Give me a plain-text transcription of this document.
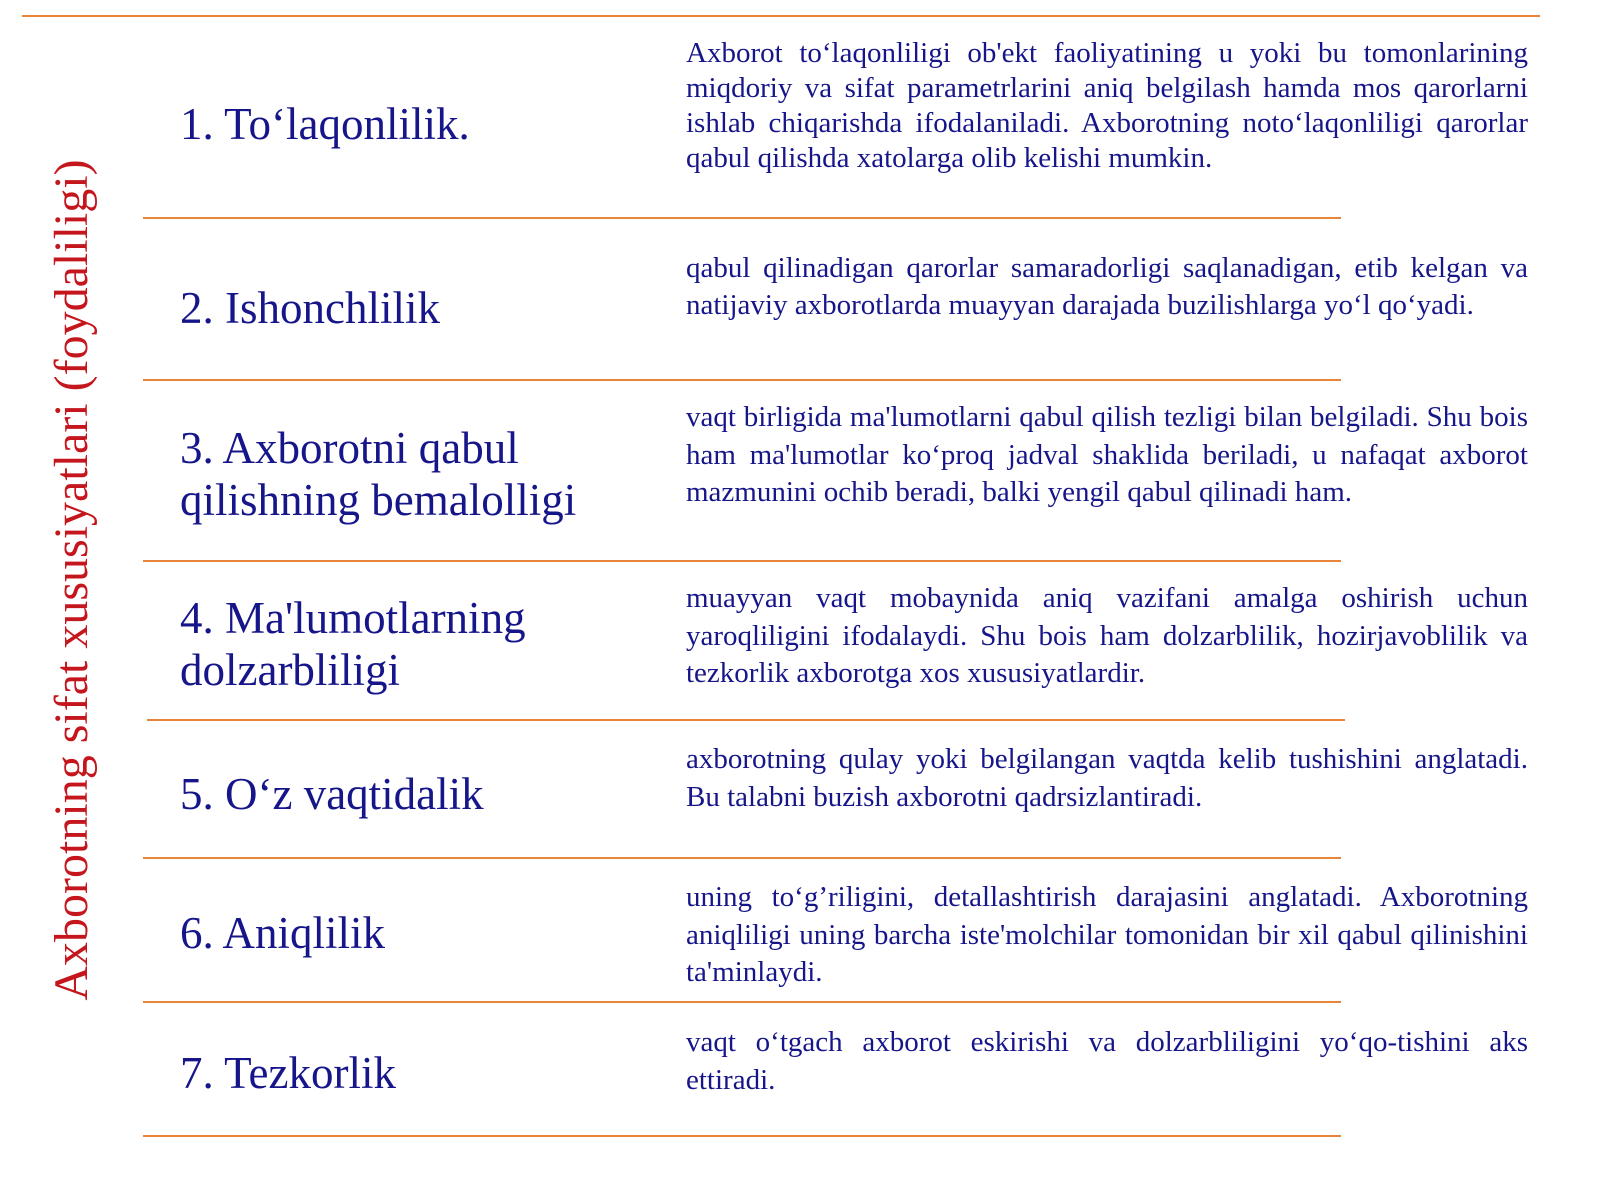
Axborotning sifat xususiyatlari (foydaliligi)
1. To‘laqonlilik.

Axborot to‘laqonliligi ob'ekt faoliyatining u yoki bu tomonlarining miqdoriy va sifat parametrlarini aniq belgilash hamda mos qarorlarni ishlab chiqarishda ifodalaniladi. Axborotning noto‘laqonliligi qarorlar qabul qilishda xatolarga olib kelishi mumkin.

2. Ishonchlilik

qabul qilinadigan qarorlar samaradorligi saqlanadigan, etib kelgan va natijaviy axborotlarda muayyan darajada buzilishlarga yo‘l qo‘yadi.

3. Axborotni qabul qilishning bemalolligi

vaqt birligida ma'lumotlarni qabul qilish tezligi bilan belgiladi. Shu bois ham ma'lumotlar ko‘proq jadval shaklida beriladi, u nafaqat axborot mazmunini ochib beradi, balki yengil qabul qilinadi ham.

4. Ma'lumotlarning dolzarbliligi

muayyan vaqt mobaynida aniq vazifani amalga oshirish uchun yaroqliligini ifodalaydi. Shu bois ham dolzarblilik, hozirjavoblilik va tezkorlik axborotga xos xususiyatlardir.

5. O‘z vaqtidalik

axborotning qulay yoki belgilangan vaqtda kelib tushishini anglatadi. Bu talabni buzish axborotni qadrsizlantiradi.

6. Aniqlilik

uning to‘g’riligini, detallashtirish darajasini anglatadi. Axborotning aniqliligi uning barcha iste'molchilar tomonidan bir xil qabul qilinishini ta'minlaydi.

7. Tezkorlik

vaqt o‘tgach axborot eskirishi va dolzarbliligini yo‘qo-tishini aks ettiradi.
